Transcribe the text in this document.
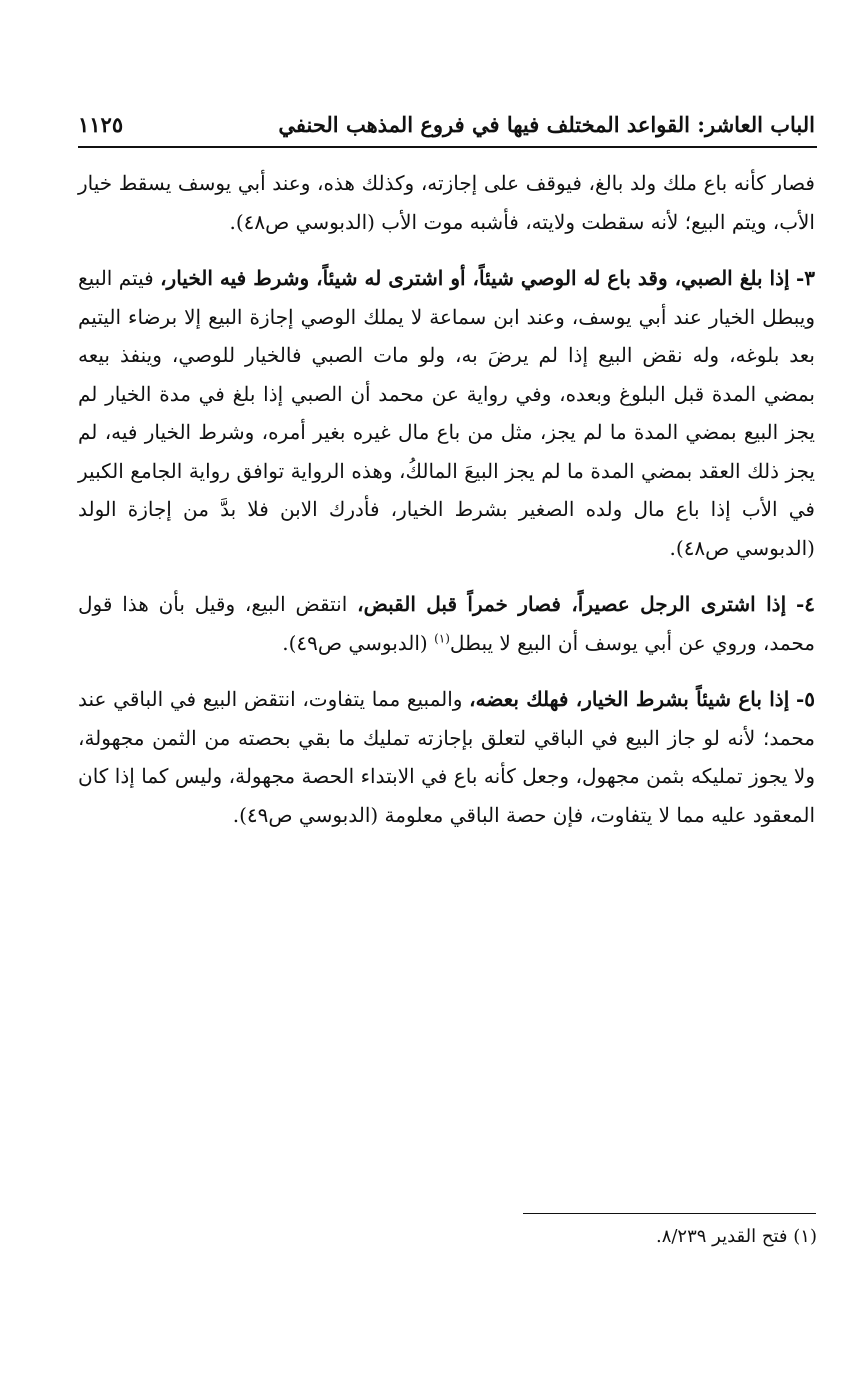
الباب العاشر: القواعد المختلف فيها في فروع المذهب الحنفي
١١٢٥

فصار كأنه باع ملك ولد بالغ، فيوقف على إجازته، وكذلك هذه، وعند أبي يوسف يسقط خيار الأب، ويتم البيع؛ لأنه سقطت ولايته، فأشبه موت الأب (الدبوسي ص٤٨).

٣- إذا بلغ الصبي، وقد باع له الوصي شيئاً، أو اشترى له شيئاً، وشرط فيه الخيار، فيتم البيع ويبطل الخيار عند أبي يوسف، وعند ابن سماعة لا يملك الوصي إجازة البيع إلا برضاء اليتيم بعد بلوغه، وله نقض البيع إذا لم يرضَ به، ولو مات الصبي فالخيار للوصي، وينفذ بيعه بمضي المدة قبل البلوغ وبعده، وفي رواية عن محمد أن الصبي إذا بلغ في مدة الخيار لم يجز البيع بمضي المدة ما لم يجز، مثل من باع مال غيره بغير أمره، وشرط الخيار فيه، لم يجز ذلك العقد بمضي المدة ما لم يجز البيعَ المالكُ، وهذه الرواية توافق رواية الجامع الكبير في الأب إذا باع مال ولده الصغير بشرط الخيار، فأدرك الابن فلا بدَّ من إجازة الولد (الدبوسي ص٤٨).

٤- إذا اشترى الرجل عصيراً، فصار خمراً قبل القبض، انتقض البيع، وقيل بأن هذا قول محمد، وروي عن أبي يوسف أن البيع لا يبطل$^{(١)}$ (الدبوسي ص٤٩).

٥- إذا باع شيئاً بشرط الخيار، فهلك بعضه، والمبيع مما يتفاوت، انتقض البيع في الباقي عند محمد؛ لأنه لو جاز البيع في الباقي لتعلق بإجازته تمليك ما بقي بحصته من الثمن مجهولة، ولا يجوز تمليكه بثمن مجهول، وجعل كأنه باع في الابتداء الحصة مجهولة، وليس كما إذا كان المعقود عليه مما لا يتفاوت، فإن حصة الباقي معلومة (الدبوسي ص٤٩).

(١) فتح القدير ٨/٢٣٩.
